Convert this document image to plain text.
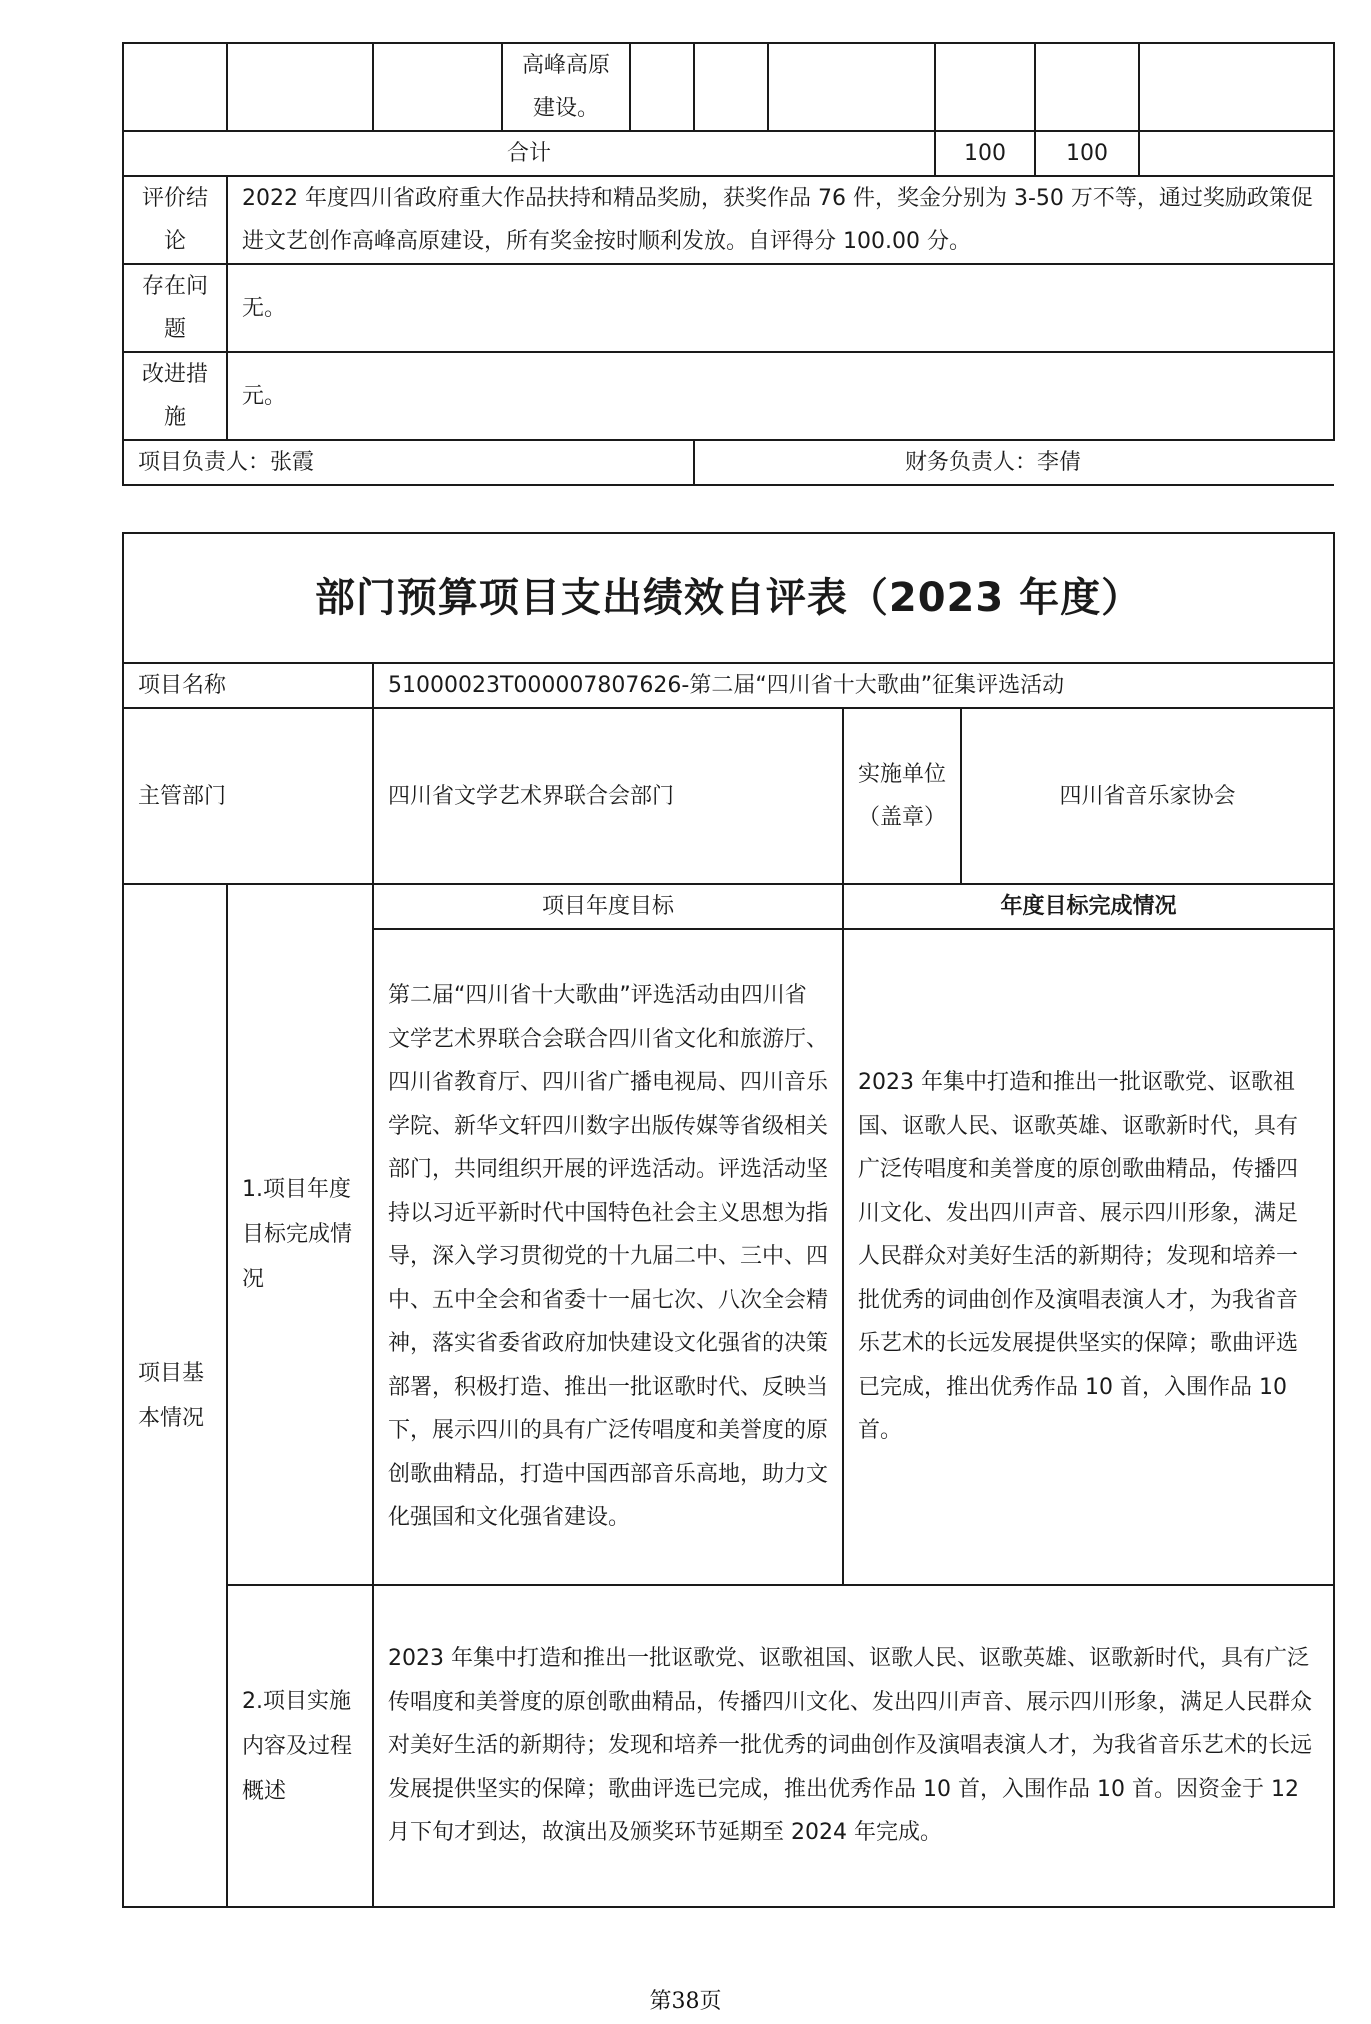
			高峰高原建设。						
合计							100	100	
评价结论	2022 年度四川省政府重大作品扶持和精品奖励，获奖作品 76 件，奖金分别为 3-50 万不等，通过奖励政策促进文艺创作高峰高原建设，所有奖金按时顺利发放。自评得分 100.00 分。								
存在问题	无。								
改进措施	元。								
项目负责人：张霞					财务负责人：李倩				
部门预算项目支出绩效自评表（2023 年度）				
项目名称		51000023T000007807626-第二届“四川省十大歌曲”征集评选活动		
主管部门		四川省文学艺术界联合会部门	实施单位（盖章）	四川省音乐家协会
项目基本情况	1.项目年度目标完成情况	项目年度目标	年度目标完成情况	
		第二届“四川省十大歌曲”评选活动由四川省文学艺术界联合会联合四川省文化和旅游厅、四川省教育厅、四川省广播电视局、四川音乐学院、新华文轩四川数字出版传媒等省级相关部门，共同组织开展的评选活动。评选活动坚持以习近平新时代中国特色社会主义思想为指导，深入学习贯彻党的十九届二中、三中、四中、五中全会和省委十一届七次、八次全会精神，落实省委省政府加快建设文化强省的决策部署，积极打造、推出一批讴歌时代、反映当下，展示四川的具有广泛传唱度和美誉度的原创歌曲精品，打造中国西部音乐高地，助力文化强国和文化强省建设。	2023 年集中打造和推出一批讴歌党、讴歌祖国、讴歌人民、讴歌英雄、讴歌新时代，具有广泛传唱度和美誉度的原创歌曲精品，传播四川文化、发出四川声音、展示四川形象，满足人民群众对美好生活的新期待；发现和培养一批优秀的词曲创作及演唱表演人才，为我省音乐艺术的长远发展提供坚实的保障；歌曲评选已完成，推出优秀作品 10 首，入围作品 10 首。	
	2.项目实施内容及过程概述	2023 年集中打造和推出一批讴歌党、讴歌祖国、讴歌人民、讴歌英雄、讴歌新时代，具有广泛传唱度和美誉度的原创歌曲精品，传播四川文化、发出四川声音、展示四川形象，满足人民群众对美好生活的新期待；发现和培养一批优秀的词曲创作及演唱表演人才，为我省音乐艺术的长远发展提供坚实的保障；歌曲评选已完成，推出优秀作品 10 首，入围作品 10 首。因资金于 12 月下旬才到达，故演出及颁奖环节延期至 2024 年完成。		
第38页
